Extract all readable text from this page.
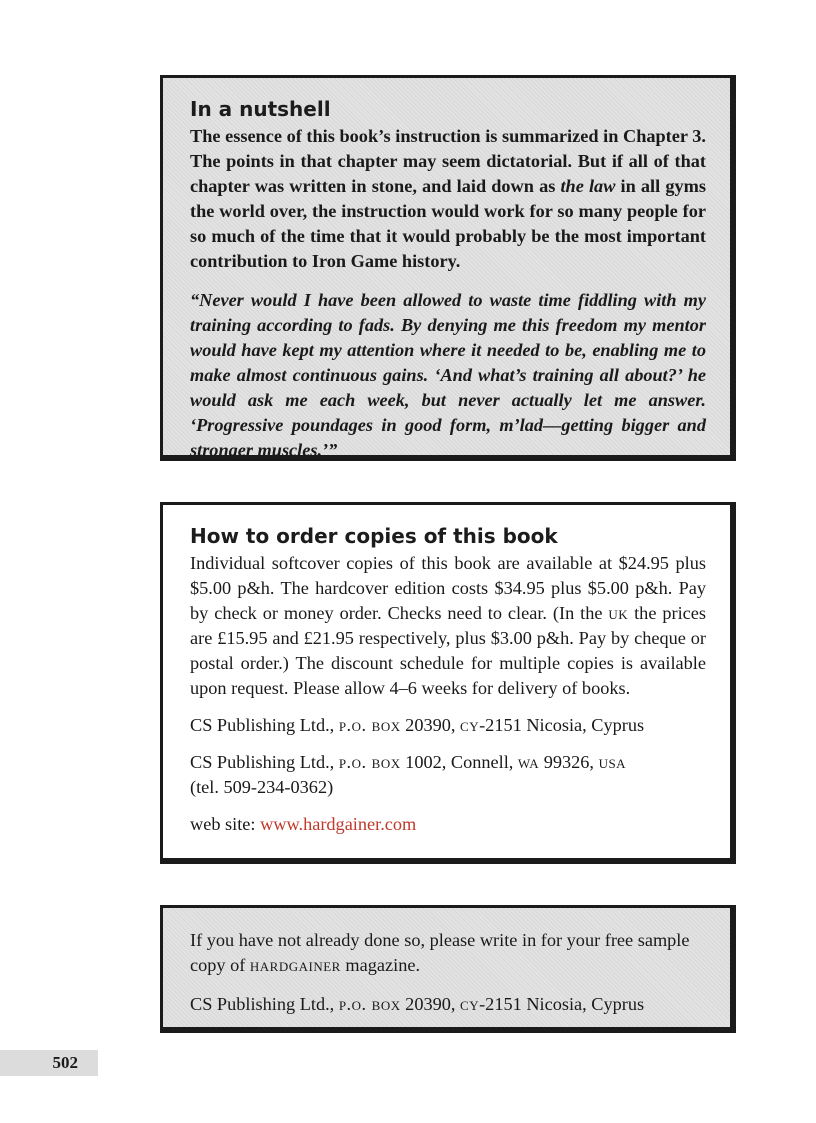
In a nutshell

The essence of this book’s instruction is summarized in Chapter 3. The points in that chapter may seem dictatorial. But if all of that chapter was written in stone, and laid down as the law in all gyms the world over, the instruction would work for so many people for so much of the time that it would probably be the most important contribution to Iron Game history.

“Never would I have been allowed to waste time fiddling with my training according to fads. By denying me this freedom my mentor would have kept my attention where it needed to be, enabling me to make almost continuous gains. ‘And what’s training all about?’ he would ask me each week, but never actually let me answer. ‘Progressive poundages in good form, m’lad—getting bigger and stronger muscles.’”

How to order copies of this book

Individual softcover copies of this book are available at $24.95 plus $5.00 p&h. The hardcover edition costs $34.95 plus $5.00 p&h. Pay by check or money order. Checks need to clear. (In the uk the prices are £15.95 and £21.95 respectively, plus $3.00 p&h. Pay by cheque or postal order.) The discount schedule for multiple copies is available upon request. Please allow 4–6 weeks for delivery of books.

CS Publishing Ltd., p.o. box 20390, cy-2151 Nicosia, Cyprus

CS Publishing Ltd., p.o. box 1002, Connell, wa 99326, usa

(tel. 509-234-0362)

web site: www.hardgainer.com

If you have not already done so, please write in for your free sample copy of hardgainer magazine.

CS Publishing Ltd., p.o. box 20390, cy-2151 Nicosia, Cyprus

502
